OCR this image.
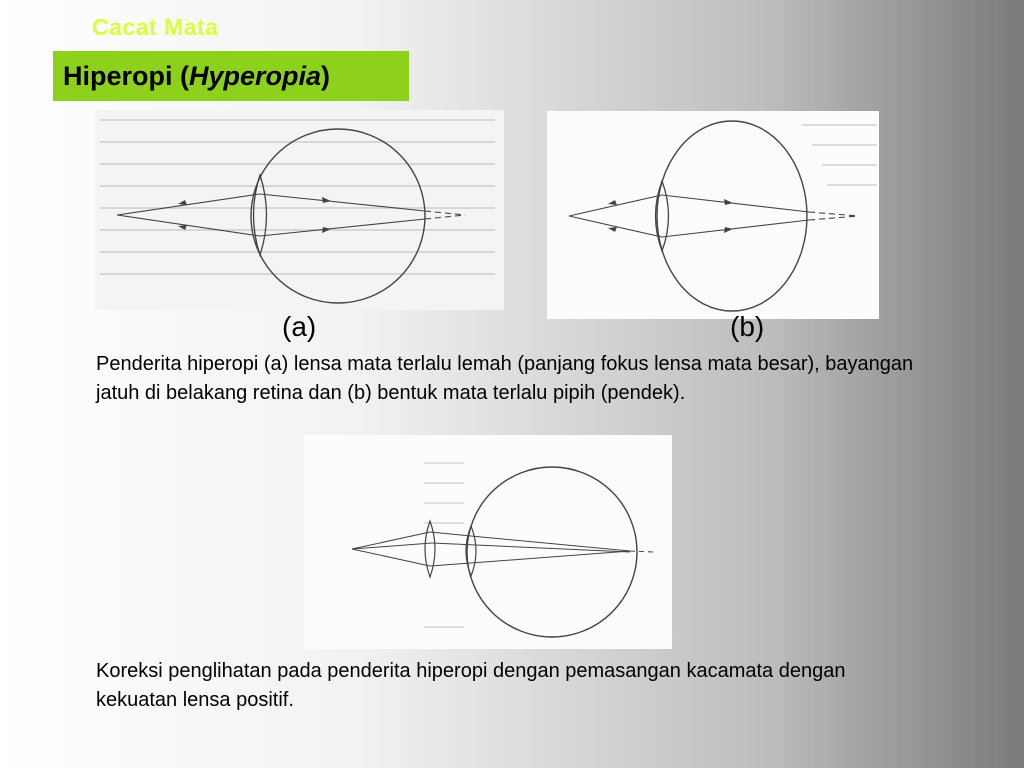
Cacat Mata
Hiperopi ( Hyperopia )
(a)	(b)

Penderita hiperopi (a) lensa mata terlalu lemah (panjang fokus lensa mata besar), bayangan jatuh di belakang retina dan (b) bentuk mata terlalu pipih (pendek).

Koreksi penglihatan pada penderita hiperopi dengan pemasangan kacamata dengan kekuatan lensa positif.
